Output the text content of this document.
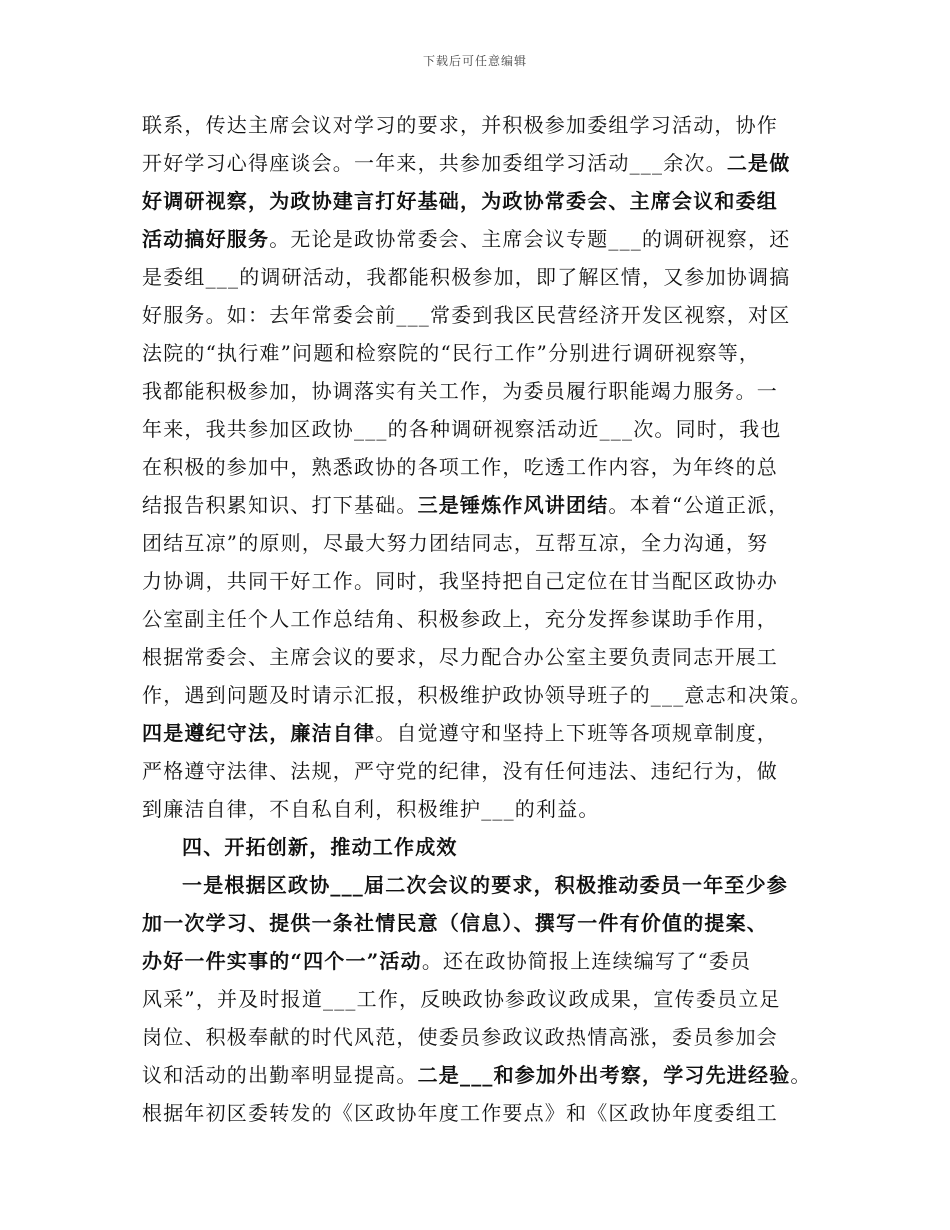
下载后可任意编辑
联系，传达主席会议对学习的要求，并积极参加委组学习活动，协作
开好学习心得座谈会。一年来，共参加委组学习活动___余次。二是做
好调研视察，为政协建言打好基础，为政协常委会、主席会议和委组
活动搞好服务。无论是政协常委会、主席会议专题___的调研视察，还
是委组___的调研活动，我都能积极参加，即了解区情，又参加协调搞
好服务。如：去年常委会前___常委到我区民营经济开发区视察，对区
法院的“执行难”问题和检察院的“民行工作”分别进行调研视察等，
我都能积极参加，协调落实有关工作，为委员履行职能竭力服务。一
年来，我共参加区政协___的各种调研视察活动近___次。同时，我也
在积极的参加中，熟悉政协的各项工作，吃透工作内容，为年终的总
结报告积累知识、打下基础。三是锤炼作风讲团结。本着“公道正派，
团结互凉”的原则，尽最大努力团结同志，互帮互凉，全力沟通，努
力协调，共同干好工作。同时，我坚持把自己定位在甘当配区政协办
公室副主任个人工作总结角、积极参政上，充分发挥参谋助手作用，
根据常委会、主席会议的要求，尽力配合办公室主要负责同志开展工
作，遇到问题及时请示汇报，积极维护政协领导班子的___意志和决策。
四是遵纪守法，廉洁自律。自觉遵守和坚持上下班等各项规章制度，
严格遵守法律、法规，严守党的纪律，没有任何违法、违纪行为，做
到廉洁自律，不自私自利，积极维护___的利益。
四、开拓创新，推动工作成效
一是根据区政协___届二次会议的要求，积极推动委员一年至少参
加一次学习、提供一条社情民意（信息）、撰写一件有价值的提案、
办好一件实事的“四个一”活动。还在政协简报上连续编写了“委员
风采”，并及时报道___工作，反映政协参政议政成果，宣传委员立足
岗位、积极奉献的时代风范，使委员参政议政热情高涨，委员参加会
议和活动的出勤率明显提高。二是___和参加外出考察，学习先进经验。
根据年初区委转发的《区政协年度工作要点》和《区政协年度委组工
